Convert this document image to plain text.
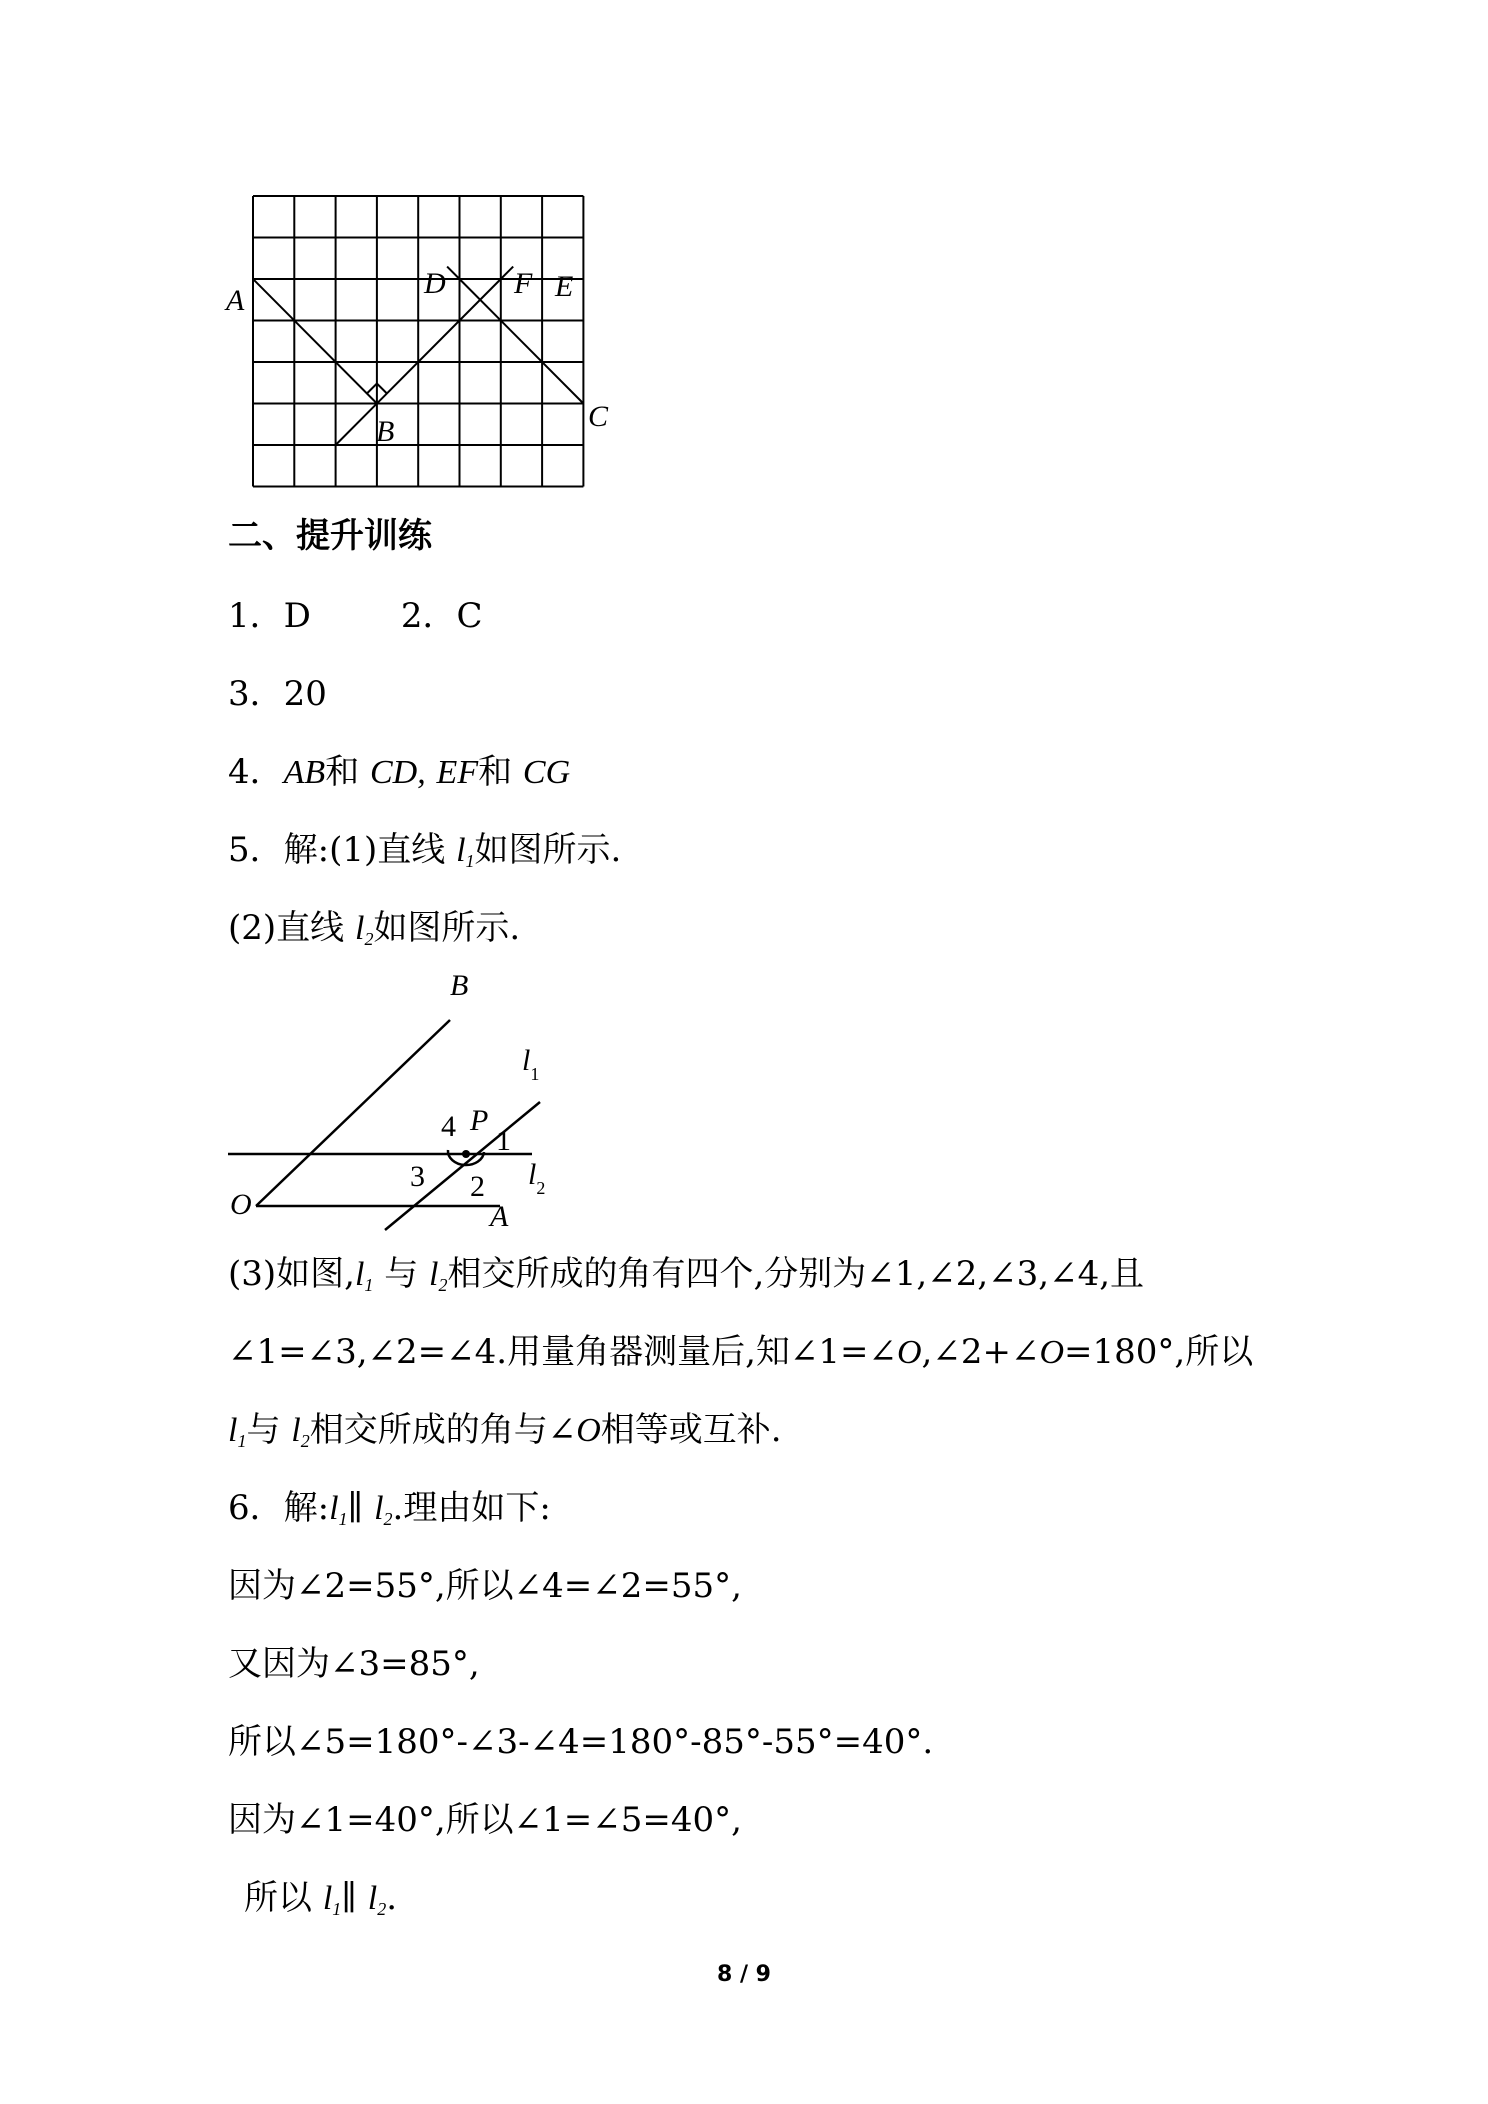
A
B	C
D F E
二、提升训练
1．D	2．C
3．20
4．AB和 CD, EF和 CG
5．解:(1)直线 $l_1$如图所示.
(2)直线 $l_2$如图所示.
B
$l_1$
P
4 1
3 2
O	A
$l_2$
(3)如图$,l_1$ 与 $l_2$相交所成的角有四个,分别为∠1,∠2,∠3,∠4,且
∠1=∠3,∠2=∠4.用量角器测量后,知∠1=∠O,∠2+∠O=180°,所以
$l_1$与 $l_2$相交所成的角与∠O相等或互补.
6．解$:l_1\parallel$ $l_2$.理由如下:
因为∠2=55°,所以∠4=∠2=55°,
又因为∠3=85°,
所以∠5=180°-∠3-∠4=180°-85°-55°=40°.
因为∠1=40°,所以∠1=∠5=40°,
所以 $l_1\parallel$ $l_2$.
8 / 9
